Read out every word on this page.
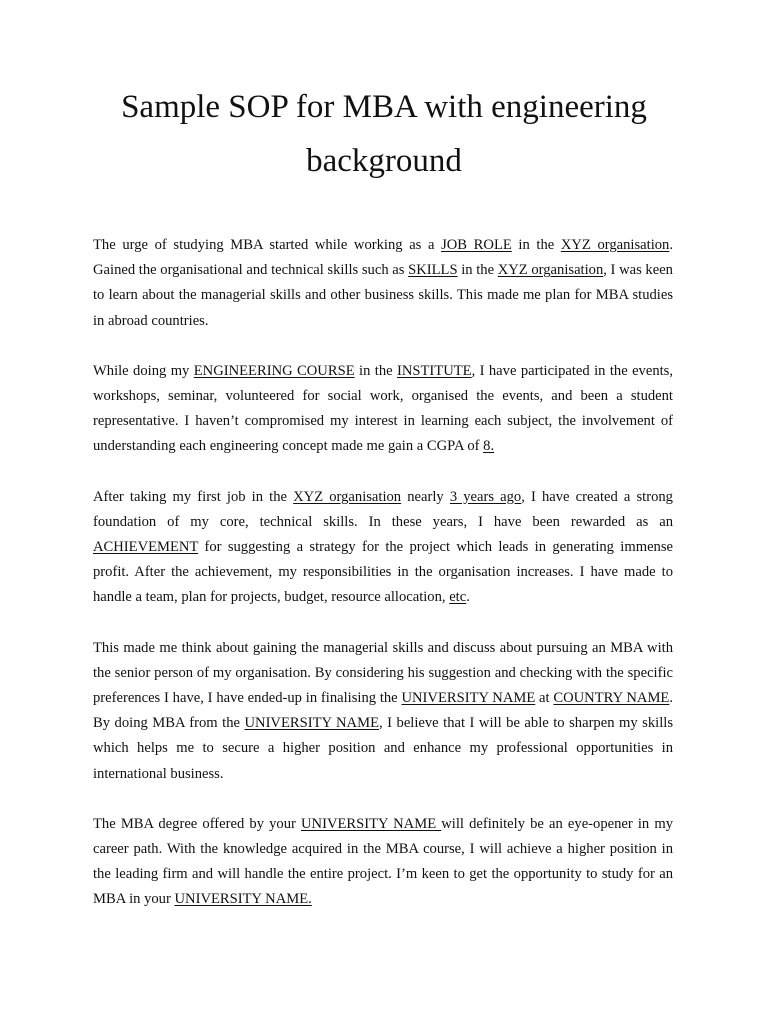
Sample SOP for MBA with engineering
background

The urge of studying MBA started while working as a JOB ROLE in the XYZ organisation. Gained the organisational and technical skills such as SKILLS in the XYZ organisation, I was keen to learn about the managerial skills and other business skills. This made me plan for MBA studies in abroad countries.

While doing my ENGINEERING COURSE in the INSTITUTE, I have participated in the events, workshops, seminar, volunteered for social work, organised the events, and been a student representative. I haven’t compromised my interest in learning each subject, the involvement of understanding each engineering concept made me gain a CGPA of 8.

After taking my first job in the XYZ organisation nearly 3 years ago, I have created a strong foundation of my core, technical skills. In these years, I have been rewarded as an ACHIEVEMENT for suggesting a strategy for the project which leads in generating immense profit. After the achievement, my responsibilities in the organisation increases. I have made to handle a team, plan for projects, budget, resource allocation, etc.

This made me think about gaining the managerial skills and discuss about pursuing an MBA with the senior person of my organisation. By considering his suggestion and checking with the specific preferences I have, I have ended-up in finalising the UNIVERSITY NAME at COUNTRY NAME. By doing MBA from the UNIVERSITY NAME, I believe that I will be able to sharpen my skills which helps me to secure a higher position and enhance my professional opportunities in international business.

The MBA degree offered by your UNIVERSITY NAME will definitely be an eye-opener in my career path. With the knowledge acquired in the MBA course, I will achieve a higher position in the leading firm and will handle the entire project. I’m keen to get the opportunity to study for an MBA in your UNIVERSITY NAME.
